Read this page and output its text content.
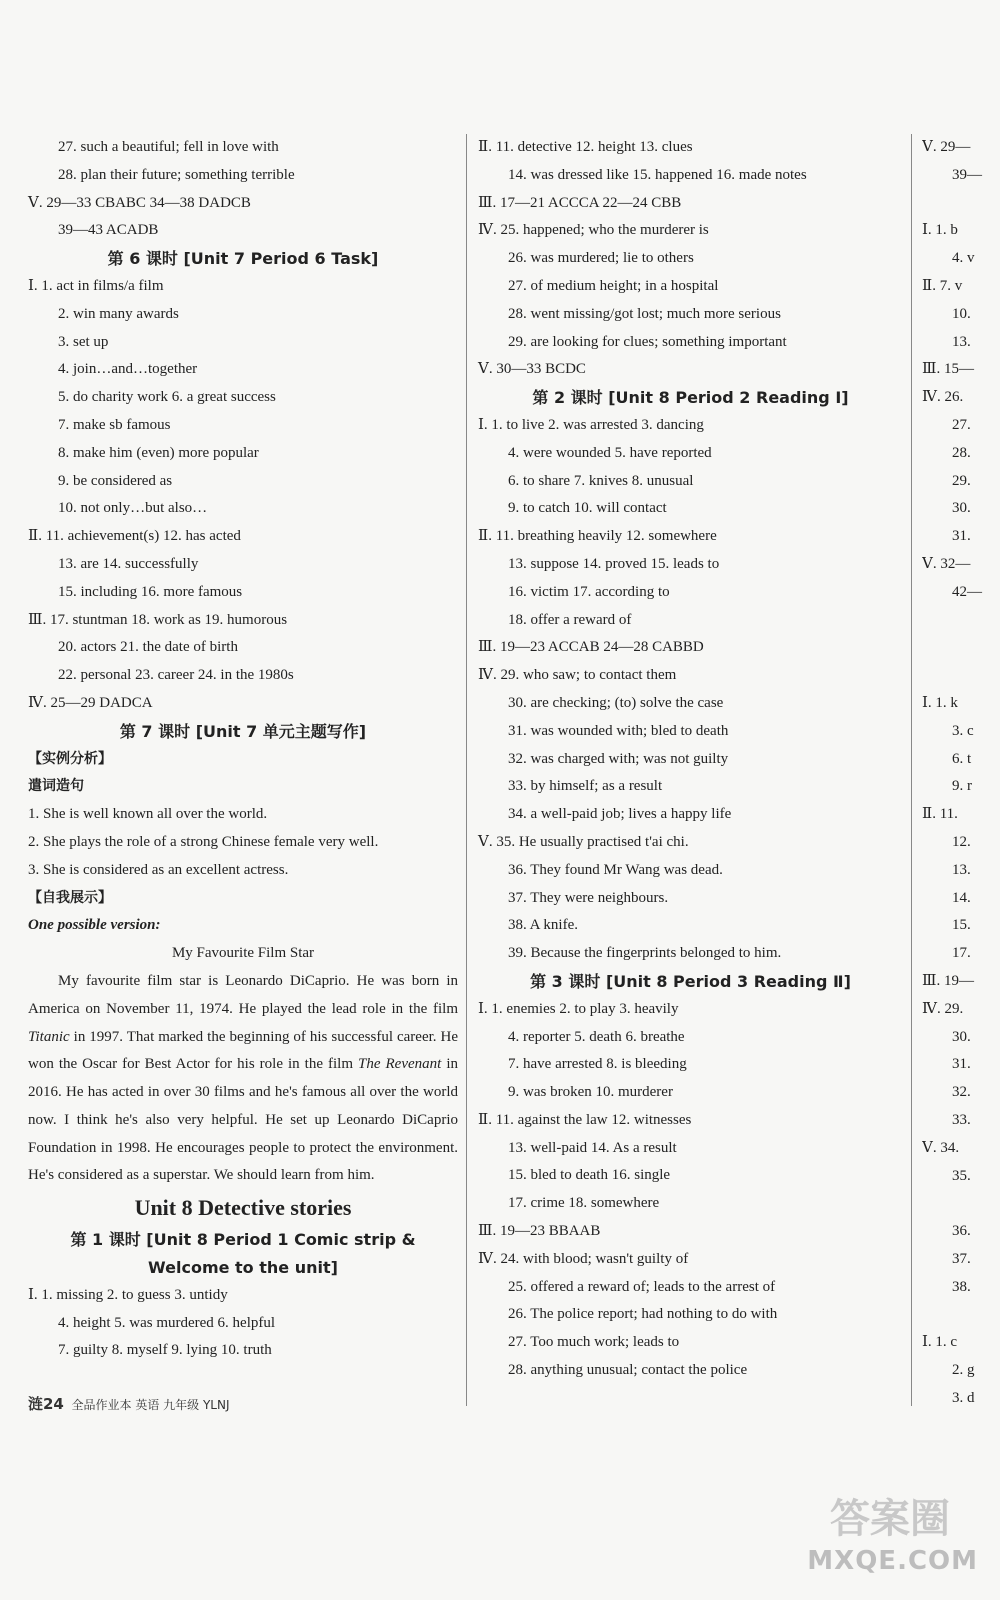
27. such a beautiful; fell in love with
28. plan their future; something terrible
Ⅴ. 29—33 CBABC 34—38 DADCB
39—43 ACADB
第 6 课时 [Unit 7 Period 6 Task]
Ⅰ. 1. act in films/a film
2. win many awards
3. set up
4. join…and…together
5. do charity work 6. a great success
7. make sb famous
8. make him (even) more popular
9. be considered as
10. not only…but also…
Ⅱ. 11. achievement(s) 12. has acted
13. are 14. successfully
15. including 16. more famous
Ⅲ. 17. stuntman 18. work as 19. humorous
20. actors 21. the date of birth
22. personal 23. career 24. in the 1980s
Ⅳ. 25—29 DADCA
第 7 课时 [Unit 7 单元主题写作]
【实例分析】
遣词造句
1. She is well known all over the world.
2. She plays the role of a strong Chinese female very well.
3. She is considered as an excellent actress.
【自我展示】
One possible version:
My Favourite Film Star
My favourite film star is Leonardo DiCaprio. He was born in America on November 11, 1974. He played the lead role in the film Titanic in 1997. That marked the beginning of his successful career. He won the Oscar for Best Actor for his role in the film The Revenant in 2016. He has acted in over 30 films and he's famous all over the world now. I think he's also very helpful. He set up Leonardo DiCaprio Foundation in 1998. He encourages people to protect the environment. He's considered as a superstar. We should learn from him.
Unit 8 Detective stories
第 1 课时 [Unit 8 Period 1 Comic strip &
Welcome to the unit]
Ⅰ. 1. missing 2. to guess 3. untidy
4. height 5. was murdered 6. helpful
7. guilty 8. myself 9. lying 10. truth
Ⅱ. 11. detective 12. height 13. clues
14. was dressed like 15. happened 16. made notes
Ⅲ. 17—21 ACCCA 22—24 CBB
Ⅳ. 25. happened; who the murderer is
26. was murdered; lie to others
27. of medium height; in a hospital
28. went missing/got lost; much more serious
29. are looking for clues; something important
Ⅴ. 30—33 BCDC
第 2 课时 [Unit 8 Period 2 Reading Ⅰ]
Ⅰ. 1. to live 2. was arrested 3. dancing
4. were wounded 5. have reported
6. to share 7. knives 8. unusual
9. to catch 10. will contact
Ⅱ. 11. breathing heavily 12. somewhere
13. suppose 14. proved 15. leads to
16. victim 17. according to
18. offer a reward of
Ⅲ. 19—23 ACCAB 24—28 CABBD
Ⅳ. 29. who saw; to contact them
30. are checking; (to) solve the case
31. was wounded with; bled to death
32. was charged with; was not guilty
33. by himself; as a result
34. a well-paid job; lives a happy life
Ⅴ. 35. He usually practised t'ai chi.
36. They found Mr Wang was dead.
37. They were neighbours.
38. A knife.
39. Because the fingerprints belonged to him.
第 3 课时 [Unit 8 Period 3 Reading Ⅱ]
Ⅰ. 1. enemies 2. to play 3. heavily
4. reporter 5. death 6. breathe
7. have arrested 8. is bleeding
9. was broken 10. murderer
Ⅱ. 11. against the law 12. witnesses
13. well-paid 14. As a result
15. bled to death 16. single
17. crime 18. somewhere
Ⅲ. 19—23 BBAAB
Ⅳ. 24. with blood; wasn't guilty of
25. offered a reward of; leads to the arrest of
26. The police report; had nothing to do with
27. Too much work; leads to
28. anything unusual; contact the police
Ⅴ. 29—
39—
Ⅰ. 1. b
4. v
Ⅱ. 7. v
10.
13.
Ⅲ. 15—
Ⅳ. 26.
27.
28.
29.
30.
31.
Ⅴ. 32—
42—
Ⅰ. 1. k
3. c
6. t
9. r
Ⅱ. 11.
12.
13.
14.
15.
17.
Ⅲ. 19—
Ⅳ. 29.
30.
31.
32.
33.
Ⅴ. 34.
35.
36.
37.
38.
Ⅰ. 1. c
2. g
3. d
涟24 全品作业本 英语 九年级 YLNJ
答案圈
MXQE.COM
